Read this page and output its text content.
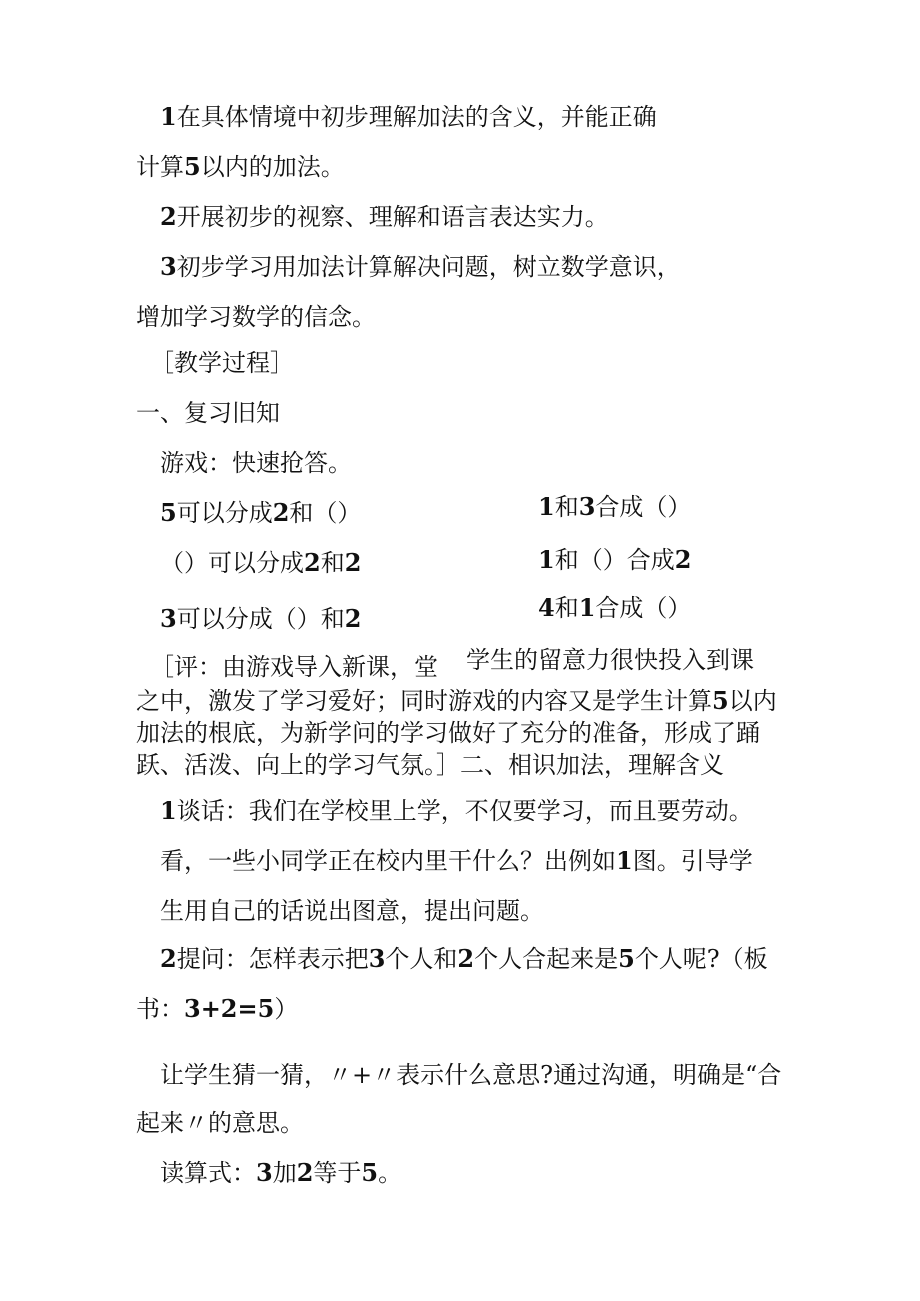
1在具体情境中初步理解加法的含义，并能正确
计算5以内的加法。
2开展初步的视察、理解和语言表达实力。
3初步学习用加法计算解决问题，树立数学意识，
增加学习数学的信念。
［教学过程］
一、复习旧知
游戏：快速抢答。
5可以分成2和（）
（）可以分成2和2
3可以分成（）和2
1和3合成（）
1和（）合成2
4和1合成（）
［评：由游戏导入新课，堂 学生的留意力很快投入到课
之中，激发了学习爱好；同时游戏的内容又是学生计算5以内
加法的根底，为新学问的学习做好了充分的准备，形成了踊
跃、活泼、向上的学习气氛。］二、相识加法，理解含义
1谈话：我们在学校里上学，不仅要学习，而且要劳动。
看，一些小同学正在校内里干什么？出例如1图。引导学
生用自己的话说出图意，提出问题。
2提问：怎样表示把3个人和2个人合起来是5个人呢?（板
书：3+2=5）
让学生猜一猜，〃+〃表示什么意思?通过沟通，明确是“合
起来〃的意思。
读算式：3加2等于5。
